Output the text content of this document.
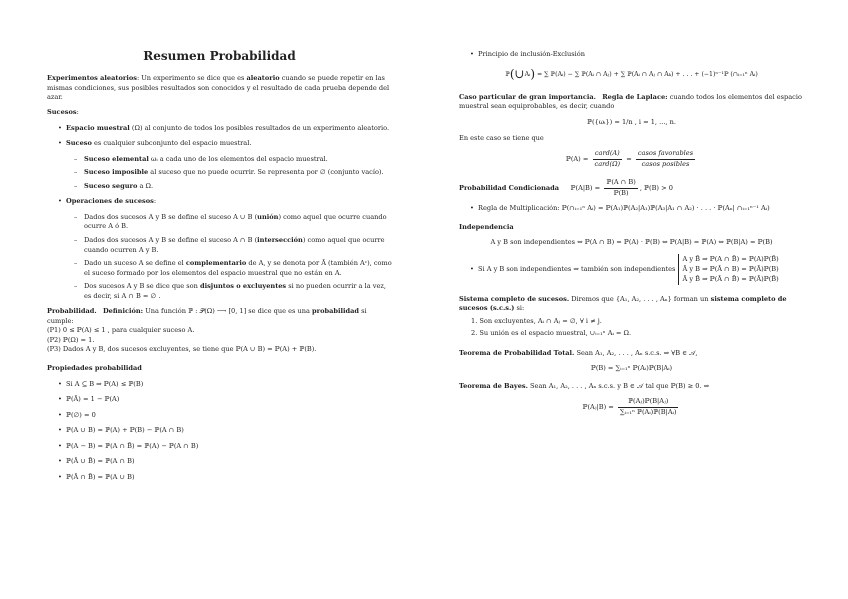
Resumen Probabilidad

Experimentos aleatorios: Un experimento se dice que es aleatorio cuando se puede repetir en las mismas condiciones, sus posibles resultados son conocidos y el resultado de cada prueba depende del azar.

Sucesos:

• Espacio muestral (Ω) al conjunto de todos los posibles resultados de un experimento aleatorio.
• Suceso es cualquier subconjunto del espacio muestral.
– Suceso elemental ωᵢ a cada uno de los elementos del espacio muestral.
– Suceso imposible al suceso que no puede ocurrir. Se representa por ∅ (conjunto vacío).
– Suceso seguro a Ω.
• Operaciones de sucesos:
– Dados dos sucesos A y B se define el suceso A ∪ B (unión) como aquel que ocurre cuando ocurre A ó B.
– Dados dos sucesos A y B se define el suceso A ∩ B (intersección) como aquel que ocurre cuando ocurren A y B.
– Dado un suceso A se define el complementario de A, y se denota por Ā (también Aᶜ), como el suceso formado por los elementos del espacio muestral que no están en A.
– Dos sucesos A y B se dice que son disjuntos o excluyentes si no pueden ocurrir a la vez, es decir, si A ∩ B = ∅ .

Probabilidad. Definición: Una función ℙ : 𝒫(Ω) ⟶ [0, 1] se dice que es una probabilidad si cumple:

(P1) 0 ≤ ℙ(A) ≤ 1 , para cualquier suceso A.

(P2) ℙ(Ω) = 1.

(P3) Dados A y B, dos sucesos excluyentes, se tiene que ℙ(A ∪ B) = ℙ(A) + ℙ(B).

Propiedades probabilidad

• Si A ⊆ B ⇒ ℙ(A) ≤ ℙ(B)
• ℙ(Ā) = 1 − ℙ(A)
• ℙ(∅) = 0
• ℙ(A ∪ B) = ℙ(A) + ℙ(B) − ℙ(A ∩ B)
• ℙ(A − B) = ℙ(A ∩ B̄) = ℙ(A) − ℙ(A ∩ B)
• ℙ(Ā ∪ B̄) = ℙ(A ∩ B)
• ℙ(Ā ∩ B̄) = ℙ(A ∪ B)
• Principio de inclusión-Exclusión

ℙ(∪Aᵢ) = ∑ ℙ(Aᵢ) − ∑ ℙ(Aᵢ ∩ Aⱼ) + ∑ ℙ(Aᵢ ∩ Aⱼ ∩ Aₖ) + . . . + (−1)ⁿ⁻¹ℙ (∩ᵢ₌₁ⁿ Aᵢ)

Caso particular de gran importancia. Regla de Laplace: cuando todos los elementos del espacio muestral sean equiprobables, es decir, cuando

ℙ({ωᵢ}) = 1/n , i = 1, ..., n.

En este caso se tiene que

ℙ(A) = $\frac{\text{card(A)}}{\text{card(Ω)}} = \frac{\text{casos favorables}}{\text{casos posibles}}$

Probabilidad Condicionada ℙ(A|B) = $\frac{\text{ℙ(A ∩ B)}}{\text{ℙ(B)}}$ , ℙ(B) > 0

• Regla de Multiplicación: ℙ(∩ᵢ₌₁ⁿ Aᵢ) = ℙ(A₁)ℙ(A₂|A₁)ℙ(A₃|A₁ ∩ A₂) · . . . · ℙ(Aₙ| ∩ᵢ₌₁ⁿ⁻¹ Aᵢ)

Independencia

A y B son independientes ⇔ ℙ(A ∩ B) = ℙ(A) · ℙ(B) ⇔ ℙ(A|B) = ℙ(A) ⇔ ℙ(B|A) = ℙ(B)

• Si A y B son independientes ⇒ también son independientes

A y B̄ ⇒ ℙ(A ∩ B̄) = ℙ(A)ℙ(B̄)
Ā y B ⇒ ℙ(Ā ∩ B) = ℙ(Ā)ℙ(B)
Ā y B̄ ⇒ ℙ(Ā ∩ B̄) = ℙ(Ā)ℙ(B̄)

Sistema completo de sucesos. Diremos que {A₁, A₂, . . . , Aₙ} forman un sistema completo de sucesos (s.c.s.) si:

1. Son excluyentes, Aᵢ ∩ Aⱼ = ∅, ∀ i ≠ j.

2. Su unión es el espacio muestral, ∪ᵢ₌₁ⁿ Aᵢ = Ω.

Teorema de Probabilidad Total. Sean A₁, A₂, . . . , Aₙ s.c.s. ⇒ ∀B ∈ 𝒜,

ℙ(B) = ∑ᵢ₌₁ⁿ ℙ(Aᵢ)ℙ(B|Aᵢ)

Teorema de Bayes. Sean A₁, A₂, . . . , Aₙ s.c.s. y B ∈ 𝒜 tal que ℙ(B) ≥ 0. ⇒

ℙ(Aⱼ|B) = $\frac{\text{ℙ(Aⱼ)ℙ(B|Aⱼ)}}{\text{∑ᵢ₌₁ⁿ ℙ(Aᵢ)ℙ(B|Aᵢ)}}$
